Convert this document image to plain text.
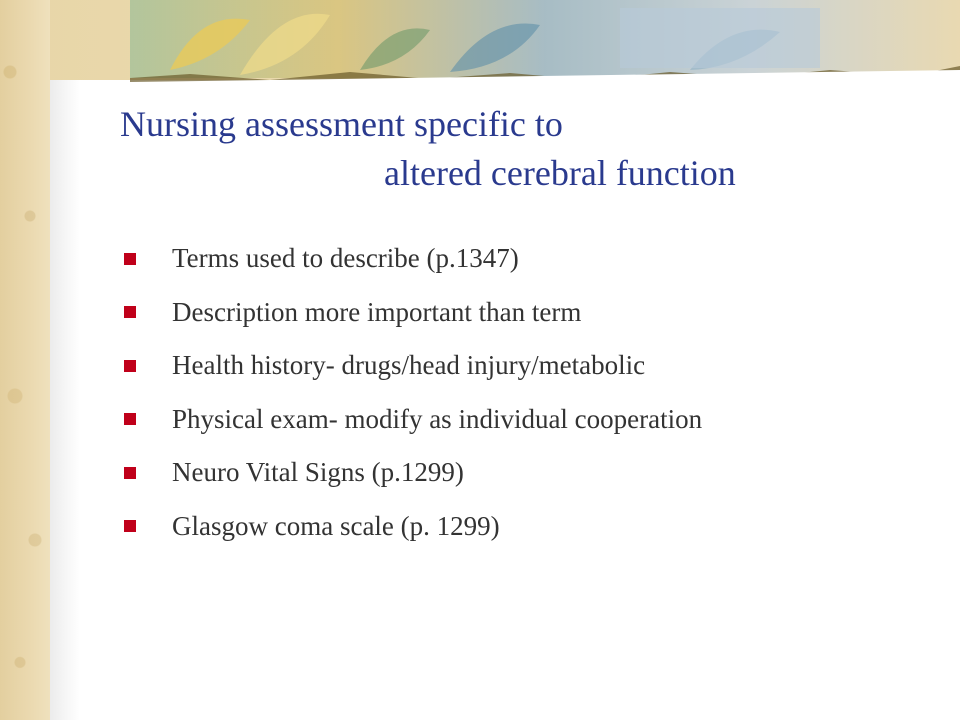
Nursing assessment specific to
altered cerebral function
Terms used to describe (p.1347)
Description more important than term
Health history- drugs/head injury/metabolic
Physical exam- modify as individual cooperation
Neuro Vital Signs (p.1299)
Glasgow coma scale (p. 1299)
